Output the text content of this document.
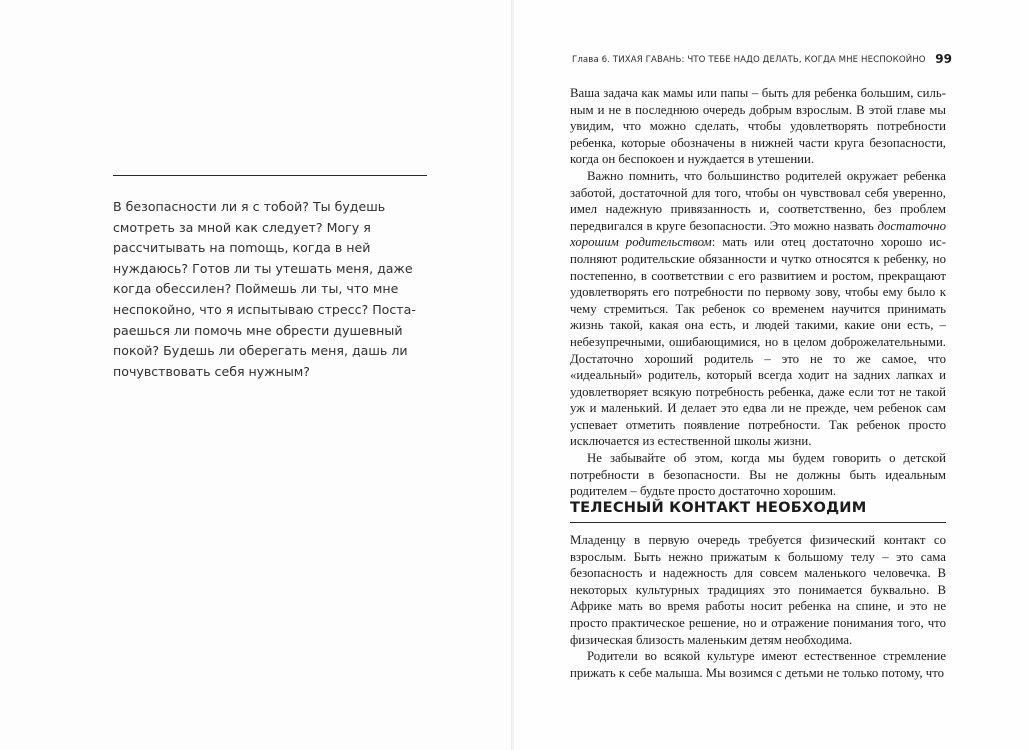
В безопасности ли я с тобой? Ты будешь смотреть за мной как следует? Могу я рассчитывать на поmощь, когда в ней нуждаюсь? Готов ли ты утешать меня, даже когда обессилен? Поймешь ли ты, что мне неспокойно, что я испытываю стресс? Постараешься ли помочь мне обрести душевный покой? Будешь ли оберегать меня, дашь ли почувствовать себя нужным?

Глава 6. ТИХАЯ ГАВАНЬ: ЧТО ТЕБЕ НАДО ДЕЛАТЬ, КОГДА МНЕ НЕСПОКОЙНО 99

Ваша задача как мамы или папы – быть для ребенка большим, сильным и не в последнюю очередь добрым взрослым. В этой главе мы увидим, что можно сделать, чтобы удовлетворять потребности ребенка, которые обозначены в нижней части круга безопасности, когда он беспокоен и нуждается в утешении.

Важно помнить, что большинство родителей окружает ребенка заботой, достаточной для того, чтобы он чувствовал себя уверенно, имел надежную привязанность и, соответственно, без проблем передвигался в круге безопасности. Это можно назвать достаточно хорошим родительством: мать или отец достаточно хорошо исполняют родительские обязанности и чутко относятся к ребенку, но постепенно, в соответствии с его развитием и ростом, прекращают удовлетворять его потребности по первому зову, чтобы ему было к чему стремиться. Так ребенок со временем научится принимать жизнь такой, какая она есть, и людей такими, какие они есть, – небезупречными, ошибающимися, но в целом доброжелательными. Достаточно хороший родитель – это не то же самое, что «идеальный» родитель, который всегда ходит на задних лапках и удовлетворяет всякую потребность ребенка, даже если тот не такой уж и маленький. И делает это едва ли не прежде, чем ребенок сам успевает отметить появление потребности. Так ребенок просто исключается из естественной школы жизни.

Не забывайте об этом, когда мы будем говорить о детской потребности в безопасности. Вы не должны быть идеальным родителем – будьте просто достаточно хорошим.

ТЕЛЕСНЫЙ КОНТАКТ НЕОБХОДИМ

Младенцу в первую очередь требуется физический контакт со взрослым. Быть нежно прижатым к большому телу – это сама безопасность и надежность для совсем маленького человечка. В некоторых культурных традициях это понимается буквально. В Африке мать во время работы носит ребенка на спине, и это не просто практическое решение, но и отражение понимания того, что физическая близость маленьким детям необходима.

Родители во всякой культуре имеют естественное стремление прижать к себе малыша. Мы возимся с детьми не только потому, что
